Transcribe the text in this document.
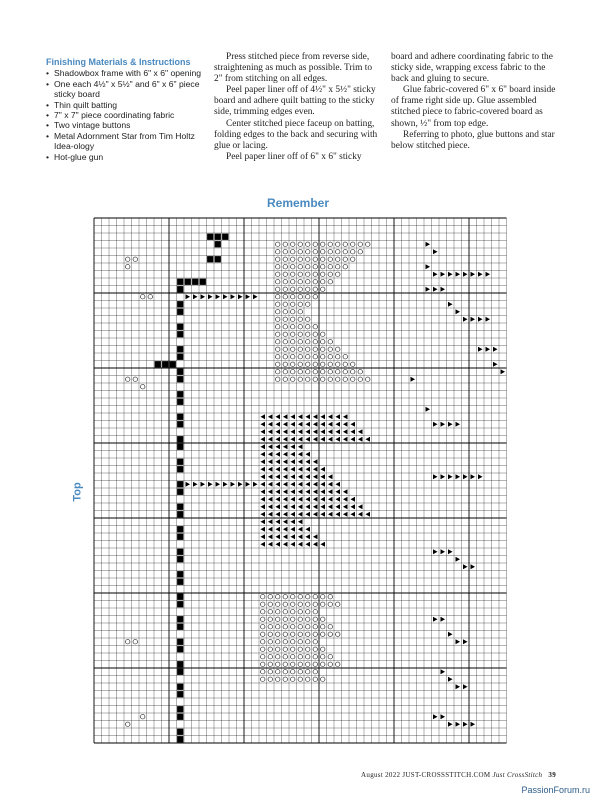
Finishing Materials & Instructions
• Shadowbox frame with 6" x 6" opening
• One each 4½" x 5½" and 6" x 6" piece sticky board
• Thin quilt batting
• 7" x 7" piece coordinating fabric
• Two vintage buttons
• Metal Adornment Star from Tim Holtz Idea-ology
• Hot-glue gun

Press stitched piece from reverse side, straightening as much as possible. Trim to 2" from stitching on all edges.

Peel paper liner off of 4½" x 5½" sticky board and adhere quilt batting to the sticky side, trimming edges even.

Center stitched piece faceup on batting, folding edges to the back and securing with glue or lacing.

Peel paper liner off of 6" x 6" sticky

board and adhere coordinating fabric to the sticky side, wrapping excess fabric to the back and gluing to secure.

Glue fabric-covered 6" x 6" board inside of frame right side up. Glue assembled stitched piece to fabric-covered board as shown, ½" from top edge.

Referring to photo, glue buttons and star below stitched piece.

Remember
Top
August 2022 JUST-CROSSSTITCH.COM Just CrossStitch 39
PassionForum.ru
